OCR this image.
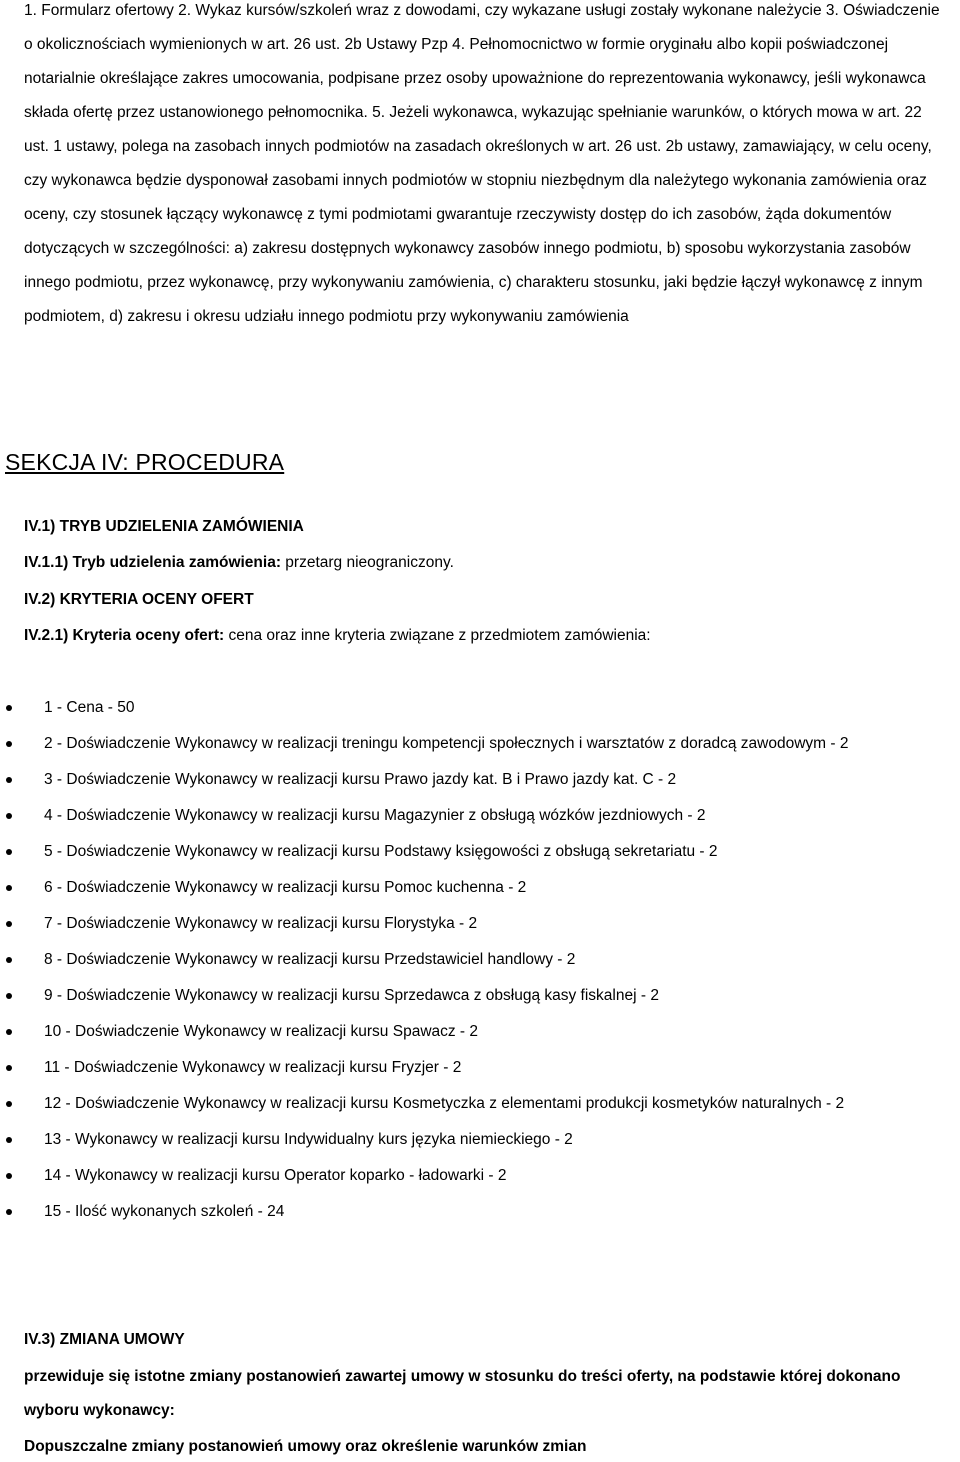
1. Formularz ofertowy 2. Wykaz kursów/szkoleń wraz z dowodami, czy wykazane usługi zostały wykonane należycie 3. Oświadczenie o okolicznościach wymienionych w art. 26 ust. 2b Ustawy Pzp 4. Pełnomocnictwo w formie oryginału albo kopii poświadczonej notarialnie określające zakres umocowania, podpisane przez osoby upoważnione do reprezentowania wykonawcy, jeśli wykonawca składa ofertę przez ustanowionego pełnomocnika. 5. Jeżeli wykonawca, wykazując spełnianie warunków, o których mowa w art. 22 ust. 1 ustawy, polega na zasobach innych podmiotów na zasadach określonych w art. 26 ust. 2b ustawy, zamawiający, w celu oceny, czy wykonawca będzie dysponował zasobami innych podmiotów w stopniu niezbędnym dla należytego wykonania zamówienia oraz oceny, czy stosunek łączący wykonawcę z tymi podmiotami gwarantuje rzeczywisty dostęp do ich zasobów, żąda dokumentów dotyczących w szczególności: a) zakresu dostępnych wykonawcy zasobów innego podmiotu, b) sposobu wykorzystania zasobów innego podmiotu, przez wykonawcę, przy wykonywaniu zamówienia, c) charakteru stosunku, jaki będzie łączył wykonawcę z innym podmiotem, d) zakresu i okresu udziału innego podmiotu przy wykonywaniu zamówienia
SEKCJA IV: PROCEDURA
IV.1) TRYB UDZIELENIA ZAMÓWIENIA
IV.1.1) Tryb udzielenia zamówienia: przetarg nieograniczony.
IV.2) KRYTERIA OCENY OFERT
IV.2.1) Kryteria oceny ofert: cena oraz inne kryteria związane z przedmiotem zamówienia:
1 - Cena - 50
2 - Doświadczenie Wykonawcy w realizacji treningu kompetencji społecznych i warsztatów z doradcą zawodowym - 2
3 - Doświadczenie Wykonawcy w realizacji kursu Prawo jazdy kat. B i Prawo jazdy kat. C - 2
4 - Doświadczenie Wykonawcy w realizacji kursu Magazynier z obsługą wózków jezdniowych - 2
5 - Doświadczenie Wykonawcy w realizacji kursu Podstawy księgowości z obsługą sekretariatu - 2
6 - Doświadczenie Wykonawcy w realizacji kursu Pomoc kuchenna - 2
7 - Doświadczenie Wykonawcy w realizacji kursu Florystyka - 2
8 - Doświadczenie Wykonawcy w realizacji kursu Przedstawiciel handlowy - 2
9 - Doświadczenie Wykonawcy w realizacji kursu Sprzedawca z obsługą kasy fiskalnej - 2
10 - Doświadczenie Wykonawcy w realizacji kursu Spawacz - 2
11 - Doświadczenie Wykonawcy w realizacji kursu Fryzjer - 2
12 - Doświadczenie Wykonawcy w realizacji kursu Kosmetyczka z elementami produkcji kosmetyków naturalnych - 2
13 - Wykonawcy w realizacji kursu Indywidualny kurs języka niemieckiego - 2
14 - Wykonawcy w realizacji kursu Operator koparko - ładowarki - 2
15 - Ilość wykonanych szkoleń - 24
IV.3) ZMIANA UMOWY
przewiduje się istotne zmiany postanowień zawartej umowy w stosunku do treści oferty, na podstawie której dokonano wyboru wykonawcy:
Dopuszczalne zmiany postanowień umowy oraz określenie warunków zmian
